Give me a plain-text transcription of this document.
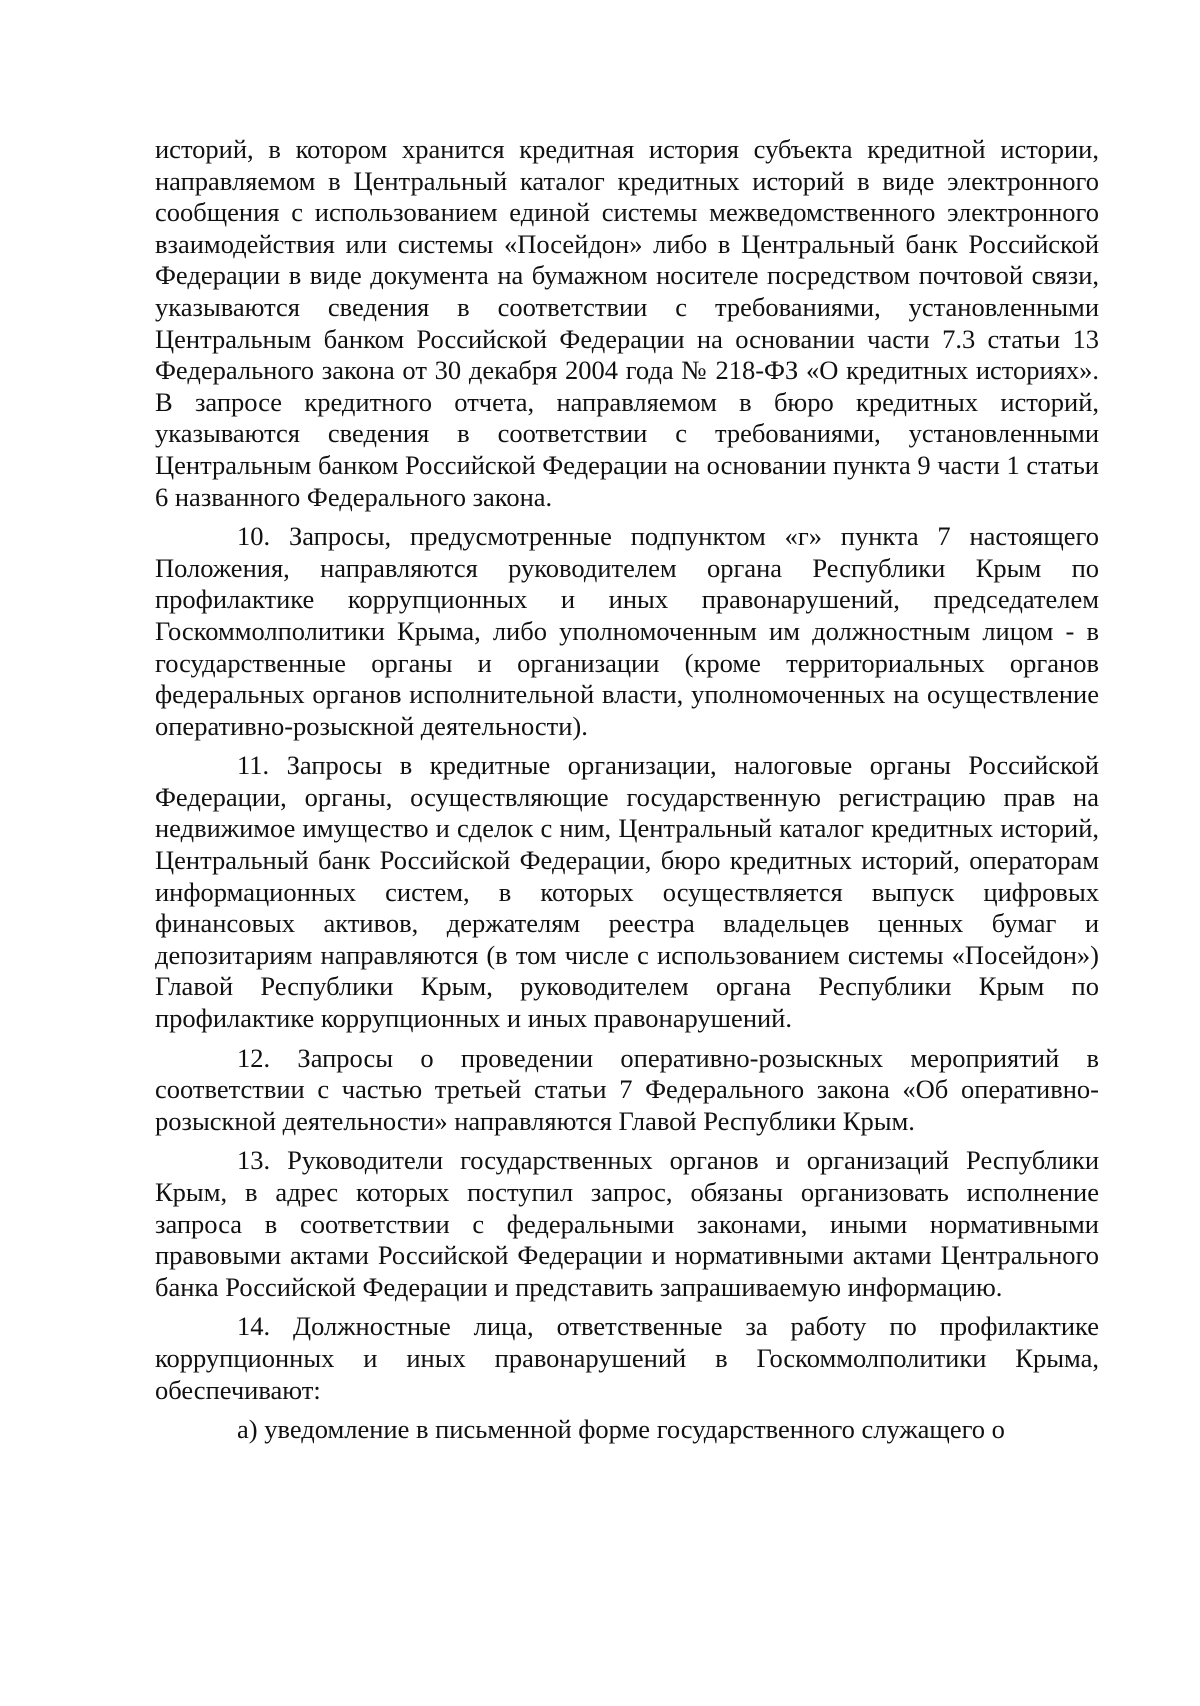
историй, в котором хранится кредитная история субъекта кредитной истории, направляемом в Центральный каталог кредитных историй в виде электронного сообщения с использованием единой системы межведомственного электронного взаимодействия или системы «Посейдон» либо в Центральный банк Российской Федерации в виде документа на бумажном носителе посредством почтовой связи, указываются сведения в соответствии с требованиями, установленными Центральным банком Российской Федерации на основании части 7.3 статьи 13 Федерального закона от 30 декабря 2004 года № 218-ФЗ «О кредитных историях». В запросе кредитного отчета, направляемом в бюро кредитных историй, указываются сведения в соответствии с требованиями, установленными Центральным банком Российской Федерации на основании пункта 9 части 1 статьи 6 названного Федерального закона.

10. Запросы, предусмотренные подпунктом «г» пункта 7 настоящего Положения, направляются руководителем органа Республики Крым по профилактике коррупционных и иных правонарушений, председателем Госкоммолполитики Крыма, либо уполномоченным им должностным лицом - в государственные органы и организации (кроме территориальных органов федеральных органов исполнительной власти, уполномоченных на осуществление оперативно-розыскной деятельности).

11. Запросы в кредитные организации, налоговые органы Российской Федерации, органы, осуществляющие государственную регистрацию прав на недвижимое имущество и сделок с ним, Центральный каталог кредитных историй, Центральный банк Российской Федерации, бюро кредитных историй, операторам информационных систем, в которых осуществляется выпуск цифровых финансовых активов, держателям реестра владельцев ценных бумаг и депозитариям направляются (в том числе с использованием системы «Посейдон») Главой Республики Крым, руководителем органа Республики Крым по профилактике коррупционных и иных правонарушений.

12. Запросы о проведении оперативно-розыскных мероприятий в соответствии с частью третьей статьи 7 Федерального закона «Об оперативно-розыскной деятельности» направляются Главой Республики Крым.

13. Руководители государственных органов и организаций Республики Крым, в адрес которых поступил запрос, обязаны организовать исполнение запроса в соответствии с федеральными законами, иными нормативными правовыми актами Российской Федерации и нормативными актами Центрального банка Российской Федерации и представить запрашиваемую информацию.

14. Должностные лица, ответственные за работу по профилактике коррупционных и иных правонарушений в Госкоммолполитики Крыма, обеспечивают:

а) уведомление в письменной форме государственного служащего о
